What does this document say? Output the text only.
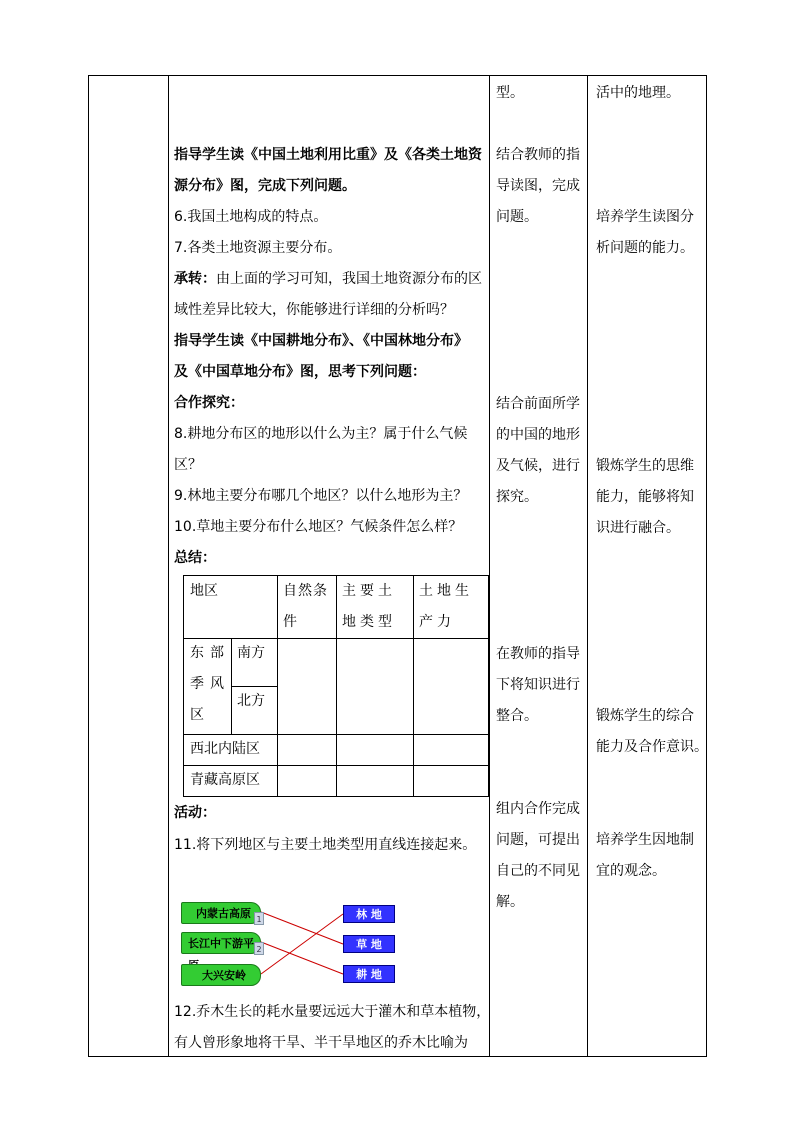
指导学生读《中国土地利用比重》及《各类土地资
源分布》图，完成下列问题。
6.我国土地构成的特点。
7.各类土地资源主要分布。
承转：由上面的学习可知，我国土地资源分布的区
域性差异比较大，你能够进行详细的分析吗？
指导学生读《中国耕地分布》、《中国林地分布》
及《中国草地分布》图，思考下列问题：
合作探究：
8.耕地分布区的地形以什么为主？属于什么气候
区？
9.林地主要分布哪几个地区？以什么地形为主？
10.草地主要分布什么地区？气候条件怎么样？
总结：
地区	自然条件
主要土地类型
土地生产力
东部季风区
南方
北方
西北内陆区
青藏高原区
活动：
11.将下列地区与主要土地类型用直线连接起来。
内蒙古高原 1
长江中下游平 2
大兴安岭
林 地
草 地
耕 地
12.乔木生长的耗水量要远远大于灌木和草本植物，
有人曾形象地将干旱、半干旱地区的乔木比喻为
型。
结合教师的指
导读图，完成
问题。
结合前面所学
的中国的地形
及气候，进行
探究。
在教师的指导
下将知识进行
整合。
组内合作完成
问题，可提出
自己的不同见
解。
活中的地理。
培养学生读图分
析问题的能力。
锻炼学生的思维
能力，能够将知
识进行融合。
锻炼学生的综合
能力及合作意识。
培养学生因地制
宜的观念。
